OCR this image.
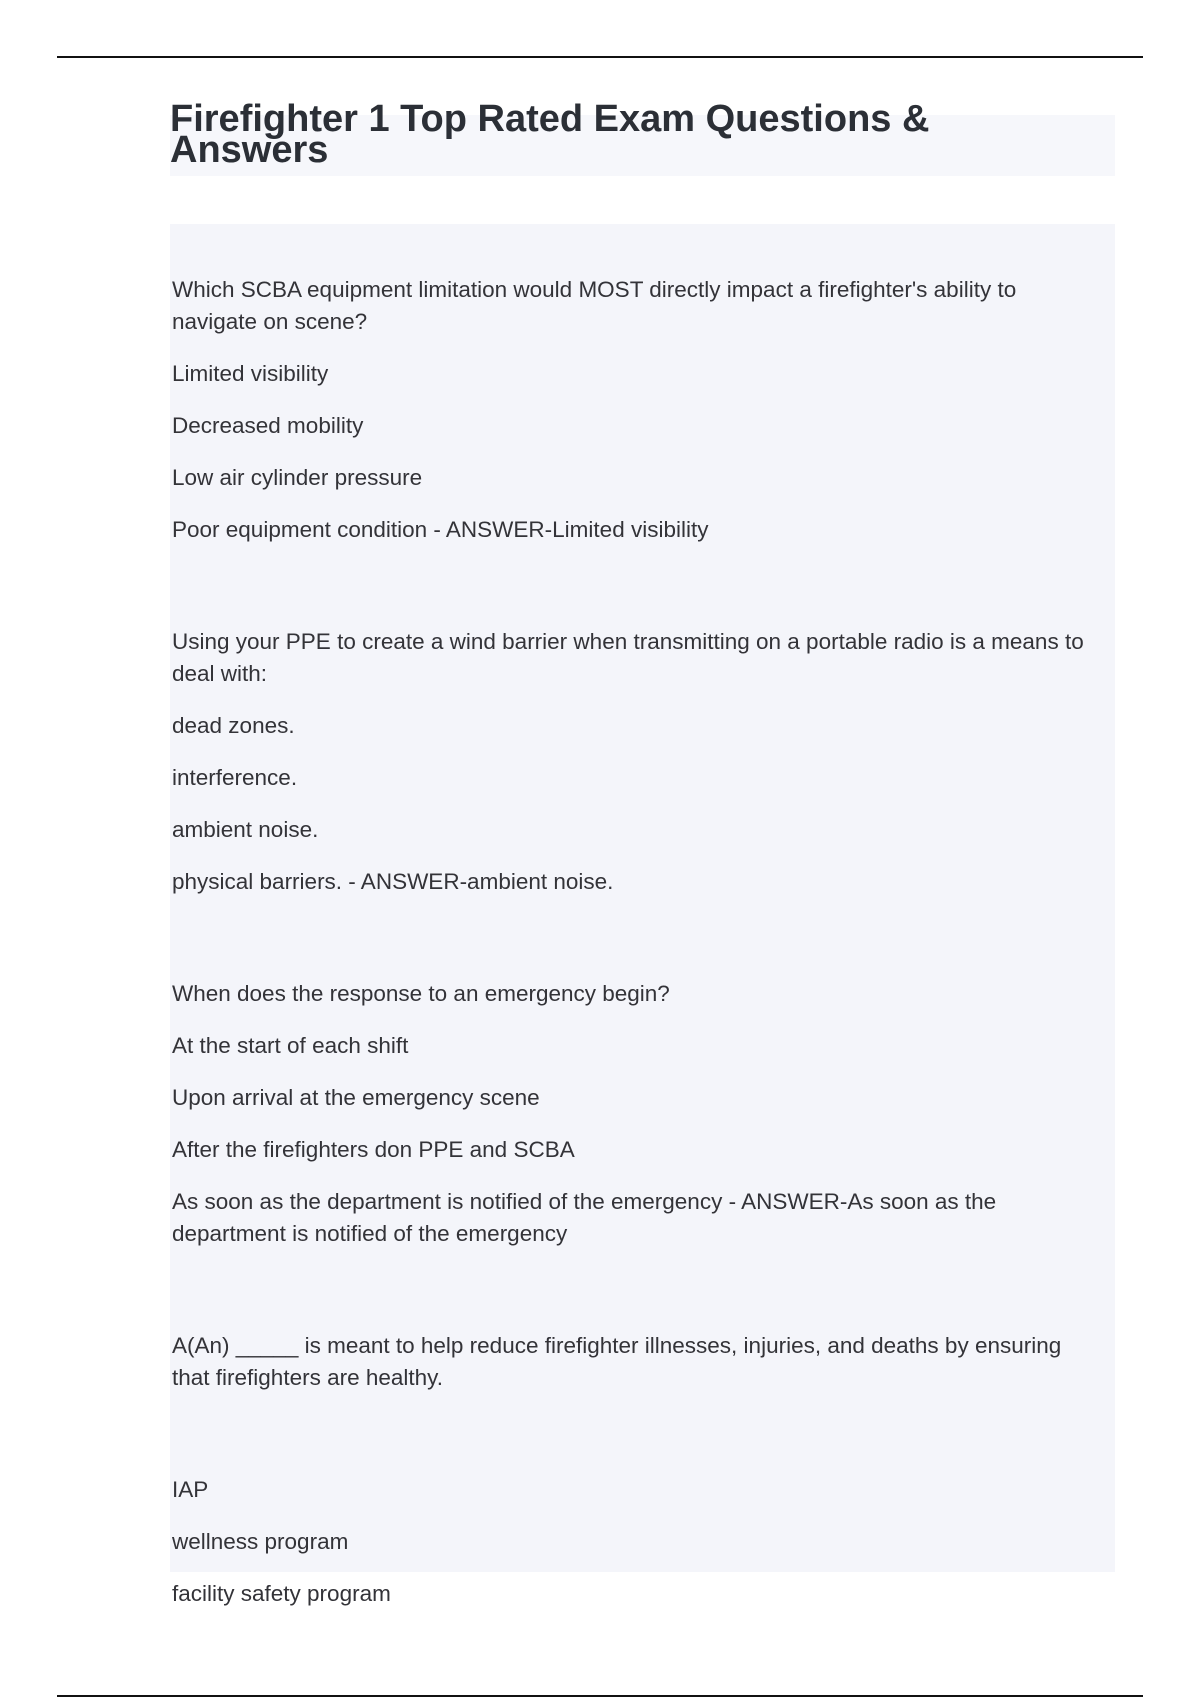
Firefighter 1 Top Rated Exam Questions & Answers

Which SCBA equipment limitation would MOST directly impact a firefighter's ability to navigate on scene?

Limited visibility

Decreased mobility

Low air cylinder pressure

Poor equipment condition - ANSWER-Limited visibility

Using your PPE to create a wind barrier when transmitting on a portable radio is a means to deal with:

dead zones.

interference.

ambient noise.

physical barriers. - ANSWER-ambient noise.

When does the response to an emergency begin?

At the start of each shift

Upon arrival at the emergency scene

After the firefighters don PPE and SCBA

As soon as the department is notified of the emergency - ANSWER-As soon as the department is notified of the emergency

A(An) _____ is meant to help reduce firefighter illnesses, injuries, and deaths by ensuring that firefighters are healthy.

IAP

wellness program

facility safety program
